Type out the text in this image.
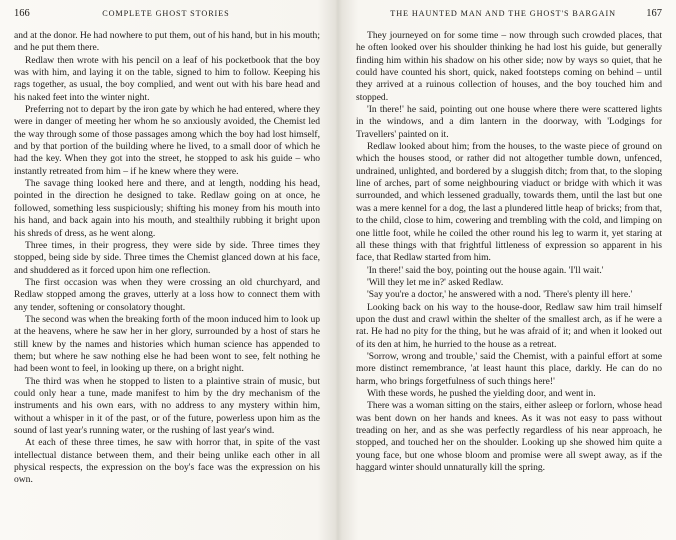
166	COMPLETE GHOST STORIES

and at the donor. He had nowhere to put them, out of his hand, but in his mouth; and he put them there.

Redlaw then wrote with his pencil on a leaf of his pocketbook that the boy was with him, and laying it on the table, signed to him to follow. Keeping his rags together, as usual, the boy complied, and went out with his bare head and his naked feet into the winter night.

Preferring not to depart by the iron gate by which he had entered, where they were in danger of meeting her whom he so anxiously avoided, the Chemist led the way through some of those passages among which the boy had lost himself, and by that portion of the building where he lived, to a small door of which he had the key. When they got into the street, he stopped to ask his guide – who instantly retreated from him – if he knew where they were.

The savage thing looked here and there, and at length, nodding his head, pointed in the direction he designed to take. Redlaw going on at once, he followed, something less suspiciously; shifting his money from his mouth into his hand, and back again into his mouth, and stealthily rubbing it bright upon his shreds of dress, as he went along.

Three times, in their progress, they were side by side. Three times they stopped, being side by side. Three times the Chemist glanced down at his face, and shuddered as it forced upon him one reflection.

The first occasion was when they were crossing an old churchyard, and Redlaw stopped among the graves, utterly at a loss how to connect them with any tender, softening or consolatory thought.

The second was when the breaking forth of the moon induced him to look up at the heavens, where he saw her in her glory, surrounded by a host of stars he still knew by the names and histories which human science has appended to them; but where he saw nothing else he had been wont to see, felt nothing he had been wont to feel, in looking up there, on a bright night.

The third was when he stopped to listen to a plaintive strain of music, but could only hear a tune, made manifest to him by the dry mechanism of the instruments and his own ears, with no address to any mystery within him, without a whisper in it of the past, or of the future, powerless upon him as the sound of last year's running water, or the rushing of last year's wind.

At each of these three times, he saw with horror that, in spite of the vast intellectual distance between them, and their being unlike each other in all physical respects, the expression on the boy's face was the expression on his own.

THE HAUNTED MAN AND THE GHOST'S BARGAIN	167

They journeyed on for some time – now through such crowded places, that he often looked over his shoulder thinking he had lost his guide, but generally finding him within his shadow on his other side; now by ways so quiet, that he could have counted his short, quick, naked footsteps coming on behind – until they arrived at a ruinous collection of houses, and the boy touched him and stopped.

'In there!' he said, pointing out one house where there were scattered lights in the windows, and a dim lantern in the doorway, with 'Lodgings for Travellers' painted on it.

Redlaw looked about him; from the houses, to the waste piece of ground on which the houses stood, or rather did not altogether tumble down, unfenced, undrained, unlighted, and bordered by a sluggish ditch; from that, to the sloping line of arches, part of some neighbouring viaduct or bridge with which it was surrounded, and which lessened gradually, towards them, until the last but one was a mere kennel for a dog, the last a plundered little heap of bricks; from that, to the child, close to him, cowering and trembling with the cold, and limping on one little foot, while he coiled the other round his leg to warm it, yet staring at all these things with that frightful littleness of expression so apparent in his face, that Redlaw started from him.

'In there!' said the boy, pointing out the house again. 'I'll wait.'

'Will they let me in?' asked Redlaw.

'Say you're a doctor,' he answered with a nod. 'There's plenty ill here.'

Looking back on his way to the house-door, Redlaw saw him trail himself upon the dust and crawl within the shelter of the smallest arch, as if he were a rat. He had no pity for the thing, but he was afraid of it; and when it looked out of its den at him, he hurried to the house as a retreat.

'Sorrow, wrong and trouble,' said the Chemist, with a painful effort at some more distinct remembrance, 'at least haunt this place, darkly. He can do no harm, who brings forgetfulness of such things here!'

With these words, he pushed the yielding door, and went in.

There was a woman sitting on the stairs, either asleep or forlorn, whose head was bent down on her hands and knees. As it was not easy to pass without treading on her, and as she was perfectly regardless of his near approach, he stopped, and touched her on the shoulder. Looking up she showed him quite a young face, but one whose bloom and promise were all swept away, as if the haggard winter should unnaturally kill the spring.
